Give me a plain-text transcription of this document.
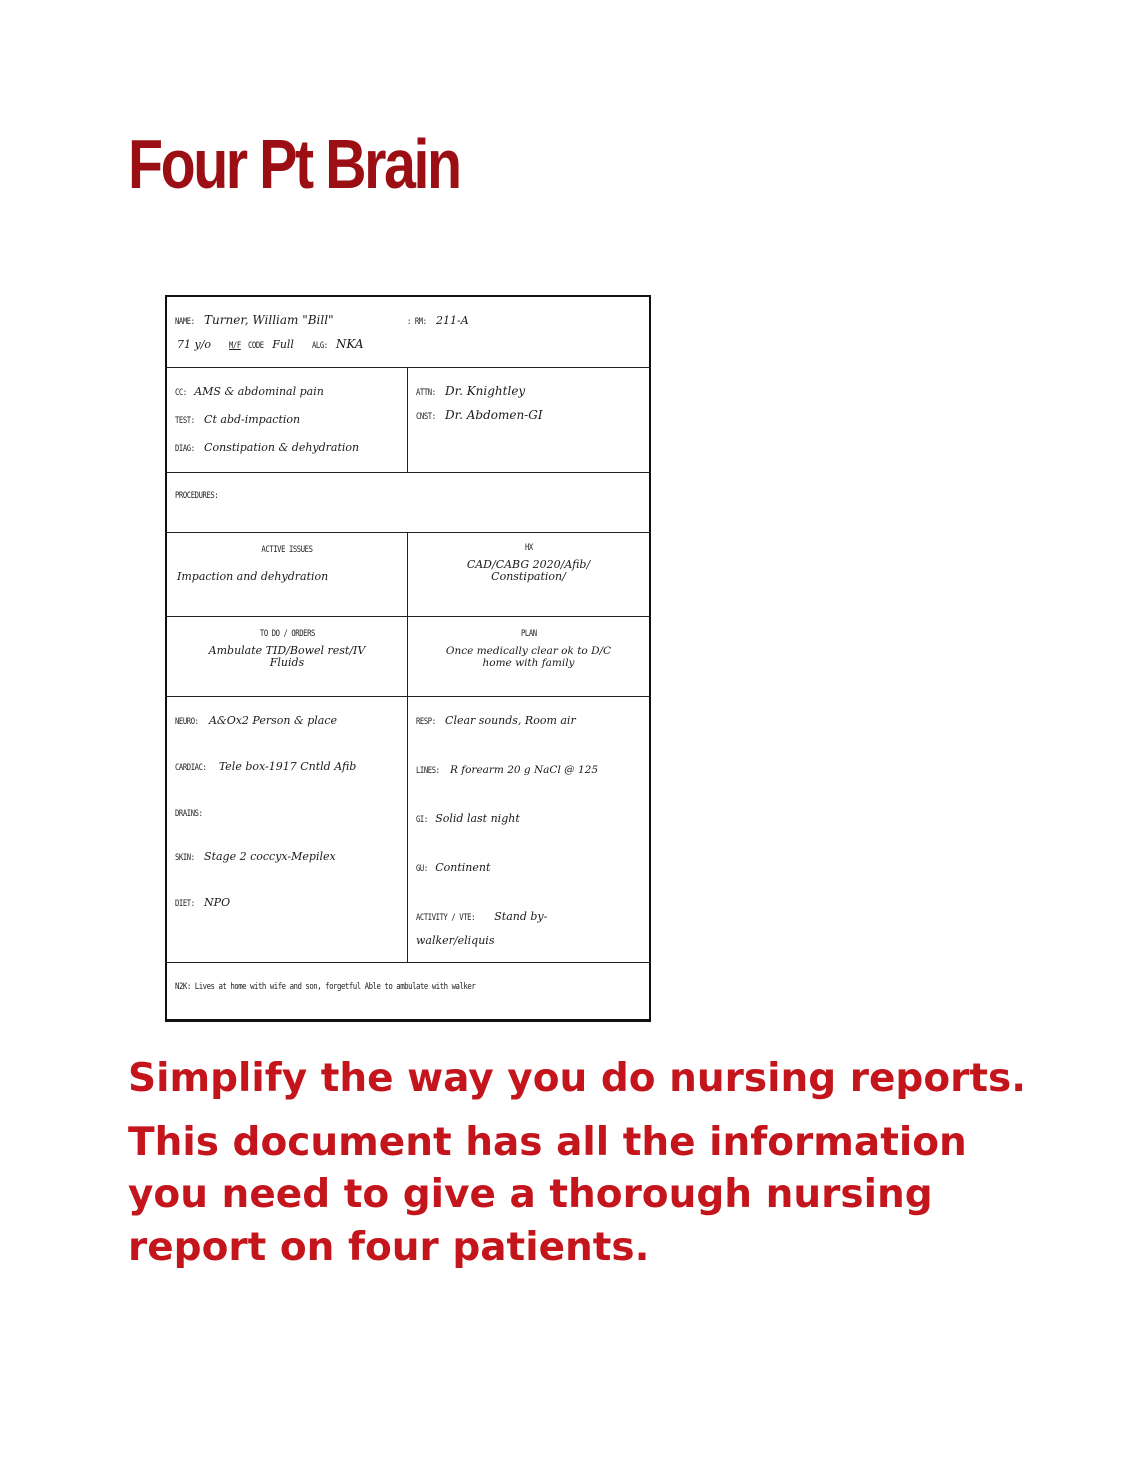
Four Pt Brain
NAME: Turner, William "Bill"	: RM: 211-A
71 y/o M/F CODE Full ALG: NKA
CC: AMS & abdominal pain
TEST: Ct abd-impaction
DIAG: Constipation & dehydration
ATTN: Dr. Knightley
CNST: Dr. Abdomen-GI
PROCEDURES:
ACTIVE ISSUES
Impaction and dehydration
HX
CAD/CABG 2020/Afib/
Constipation/
TO DO / ORDERS
Ambulate TID/Bowel rest/IV
Fluids
PLAN
Once medically clear ok to D/C
home with family
NEURO: A&Ox2 Person & place
CARDIAC: Tele box-1917 Cntld Afib
DRAINS:
SKIN: Stage 2 coccyx-Mepilex
DIET: NPO
RESP: Clear sounds, Room air
LINES: R forearm 20 g NaCl @ 125
GI: Solid last night
GU: Continent
ACTIVITY / VTE: Stand by-
walker/eliquis
N2K: Lives at home with wife and son, forgetful Able to ambulate with walker

Simplify the way you do nursing reports.

This document has all the information

you need to give a thorough nursing

report on four patients.
